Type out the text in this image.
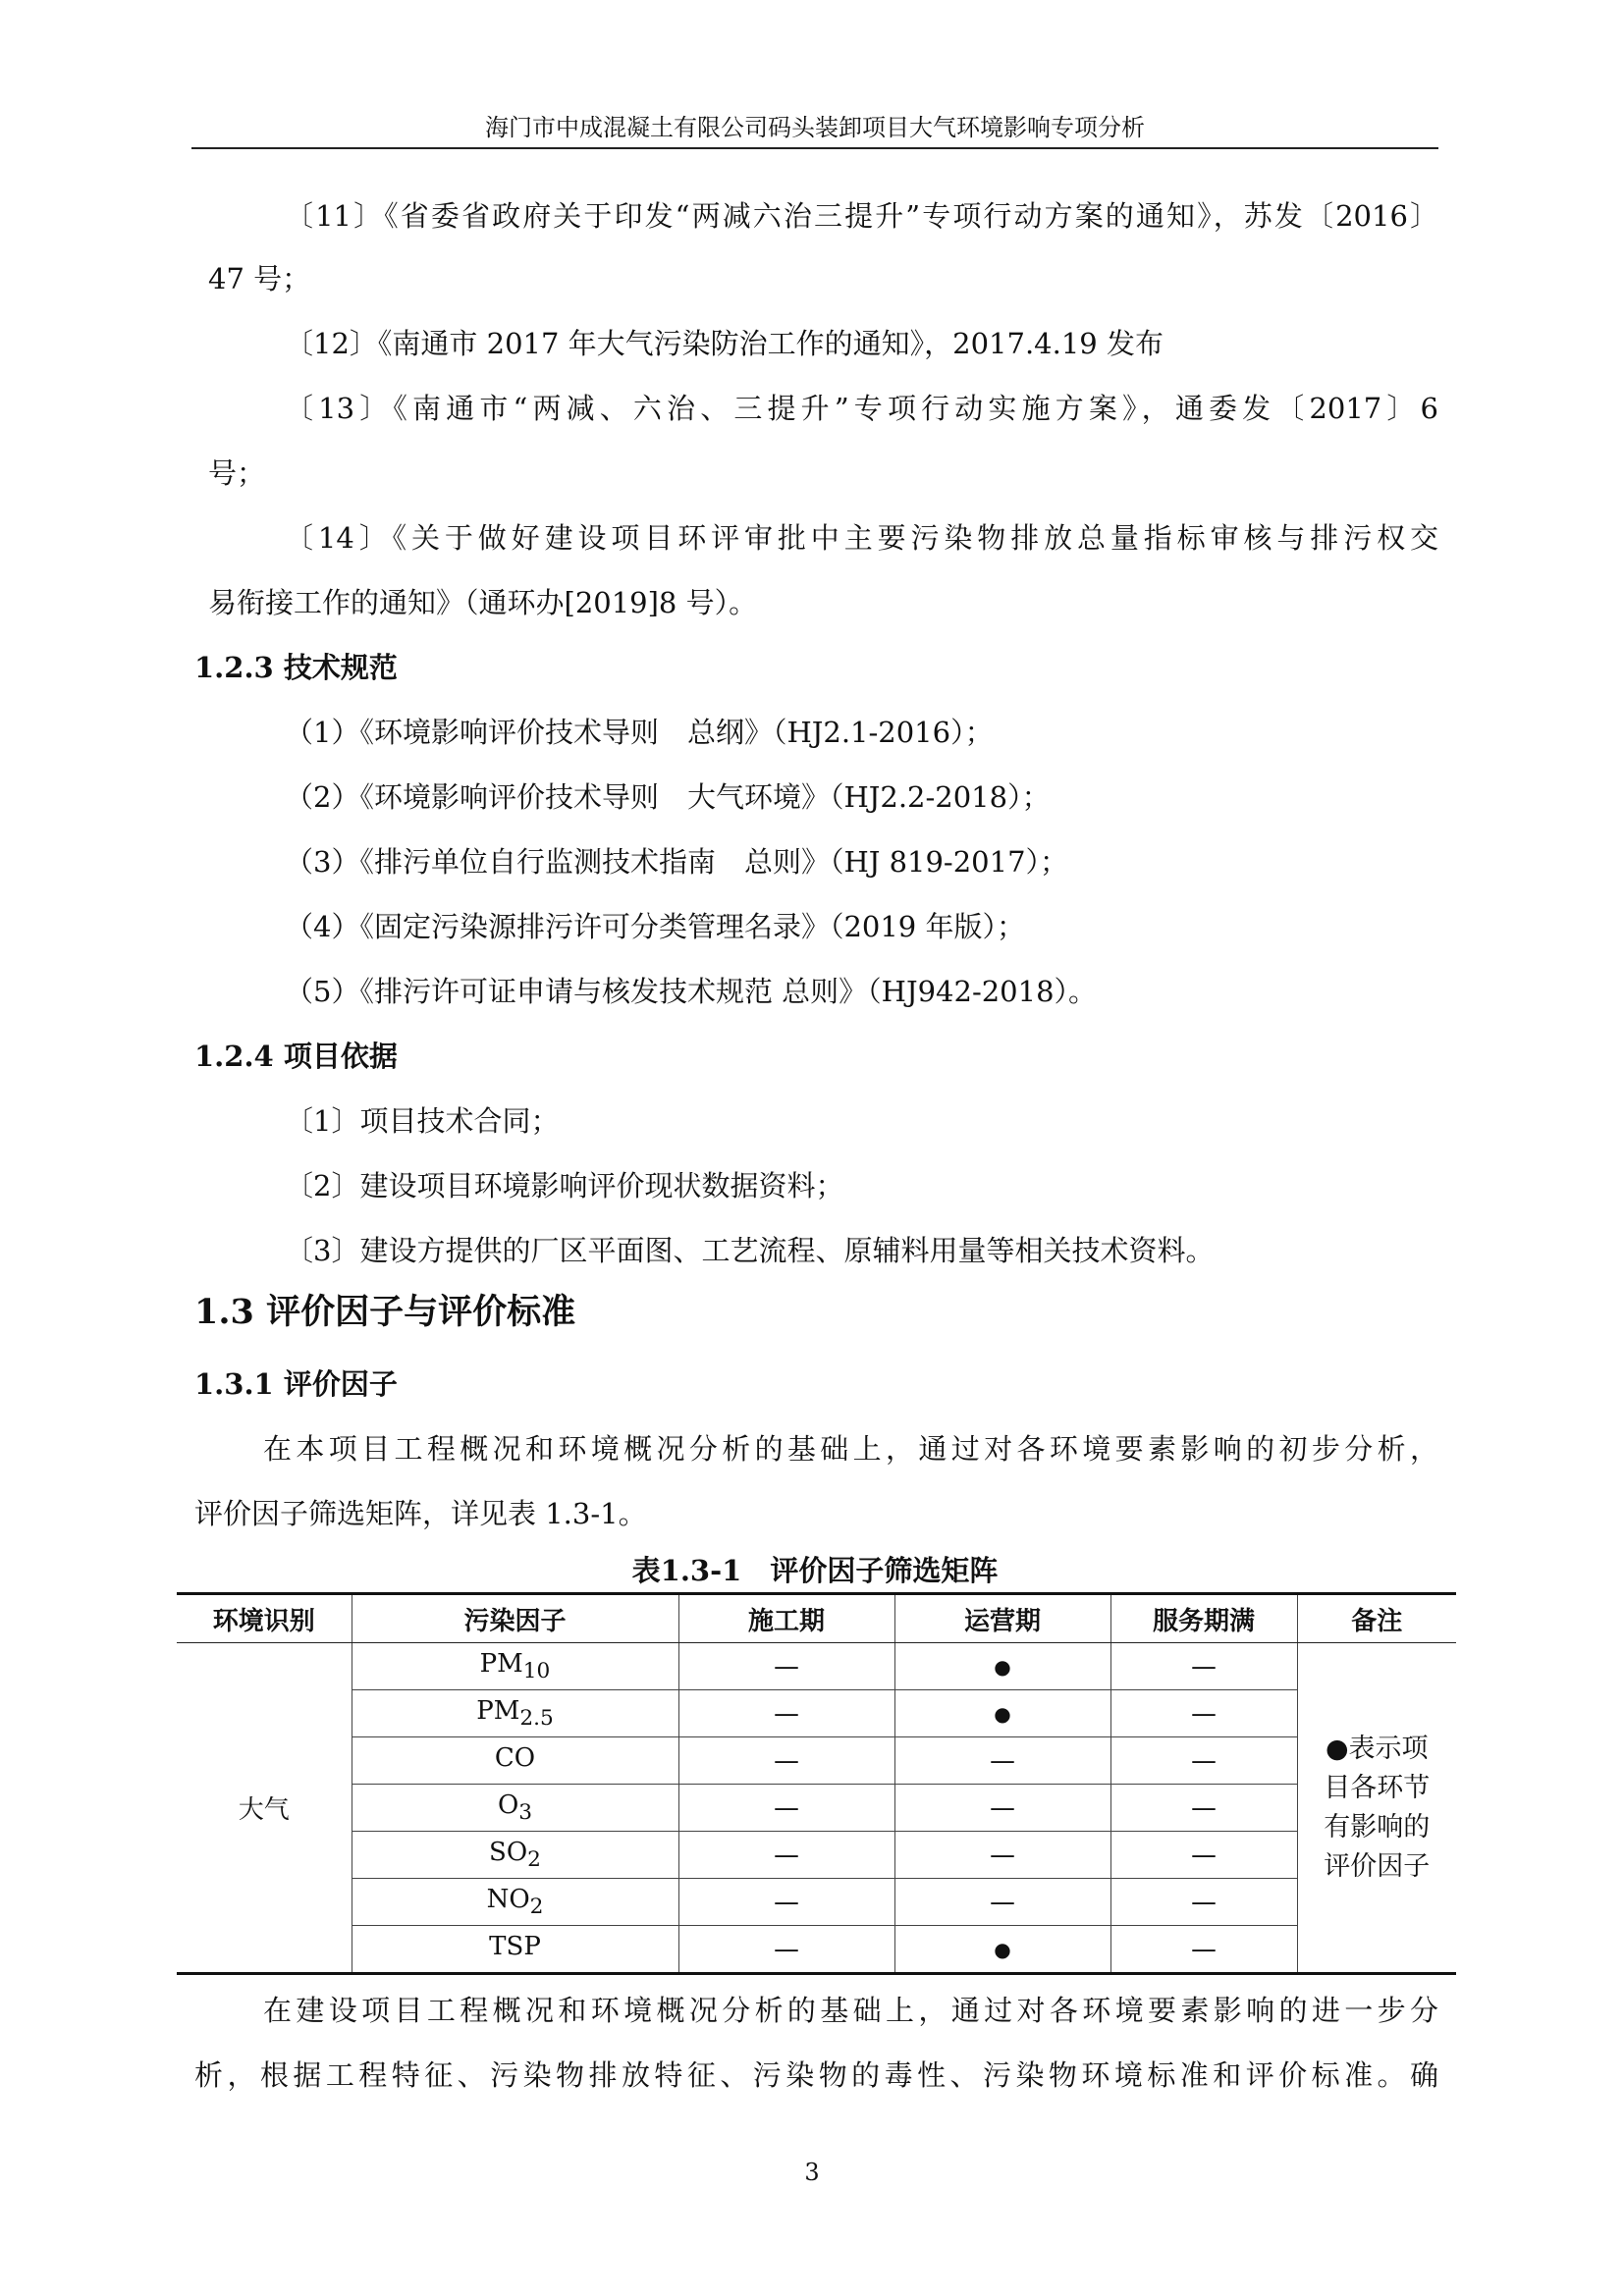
海门市中成混凝土有限公司码头装卸项目大气环境影响专项分析
〔11〕《省委省政府关于印发“两减六治三提升”专项行动方案的通知》，苏发〔2016〕
47 号；
〔12〕《南通市 2017 年大气污染防治工作的通知》，2017.4.19 发布
〔13〕《南通市“两减、六治、三提升”专项行动实施方案》，通委发〔2017〕6
号；
〔14〕《关于做好建设项目环评审批中主要污染物排放总量指标审核与排污权交
易衔接工作的通知》（通环办[2019]8 号）。
1.2.3 技术规范
（1）《环境影响评价技术导则　总纲》（HJ2.1-2016）；
（2）《环境影响评价技术导则　大气环境》（HJ2.2-2018）；
（3）《排污单位自行监测技术指南　总则》（HJ 819-2017）；
（4）《固定污染源排污许可分类管理名录》（2019 年版）；
（5）《排污许可证申请与核发技术规范 总则》（HJ942-2018）。
1.2.4 项目依据
〔1〕项目技术合同；
〔2〕建设项目环境影响评价现状数据资料；
〔3〕建设方提供的厂区平面图、工艺流程、原辅料用量等相关技术资料。
1.3 评价因子与评价标准
1.3.1 评价因子
在本项目工程概况和环境概况分析的基础上，通过对各环境要素影响的初步分析，
评价因子筛选矩阵，详见表 1.3-1。
表1.3-1　评价因子筛选矩阵
环境识别	污染因子	施工期	运营期	服务期满	备注
大气	$PM_{10}$	—	●	—	●表示项
目各环节
有影响的
评价因子

	$PM_{2.5}$	—	●	—	
	CO	—	—	—	
	$O_3$	—	—	—	
	$SO_2$	—	—	—	
	$NO_2$	—	—	—	
	TSP	—	●	—	
在建设项目工程概况和环境概况分析的基础上，通过对各环境要素影响的进一步分
析，根据工程特征、污染物排放特征、污染物的毒性、污染物环境标准和评价标准。确
3
